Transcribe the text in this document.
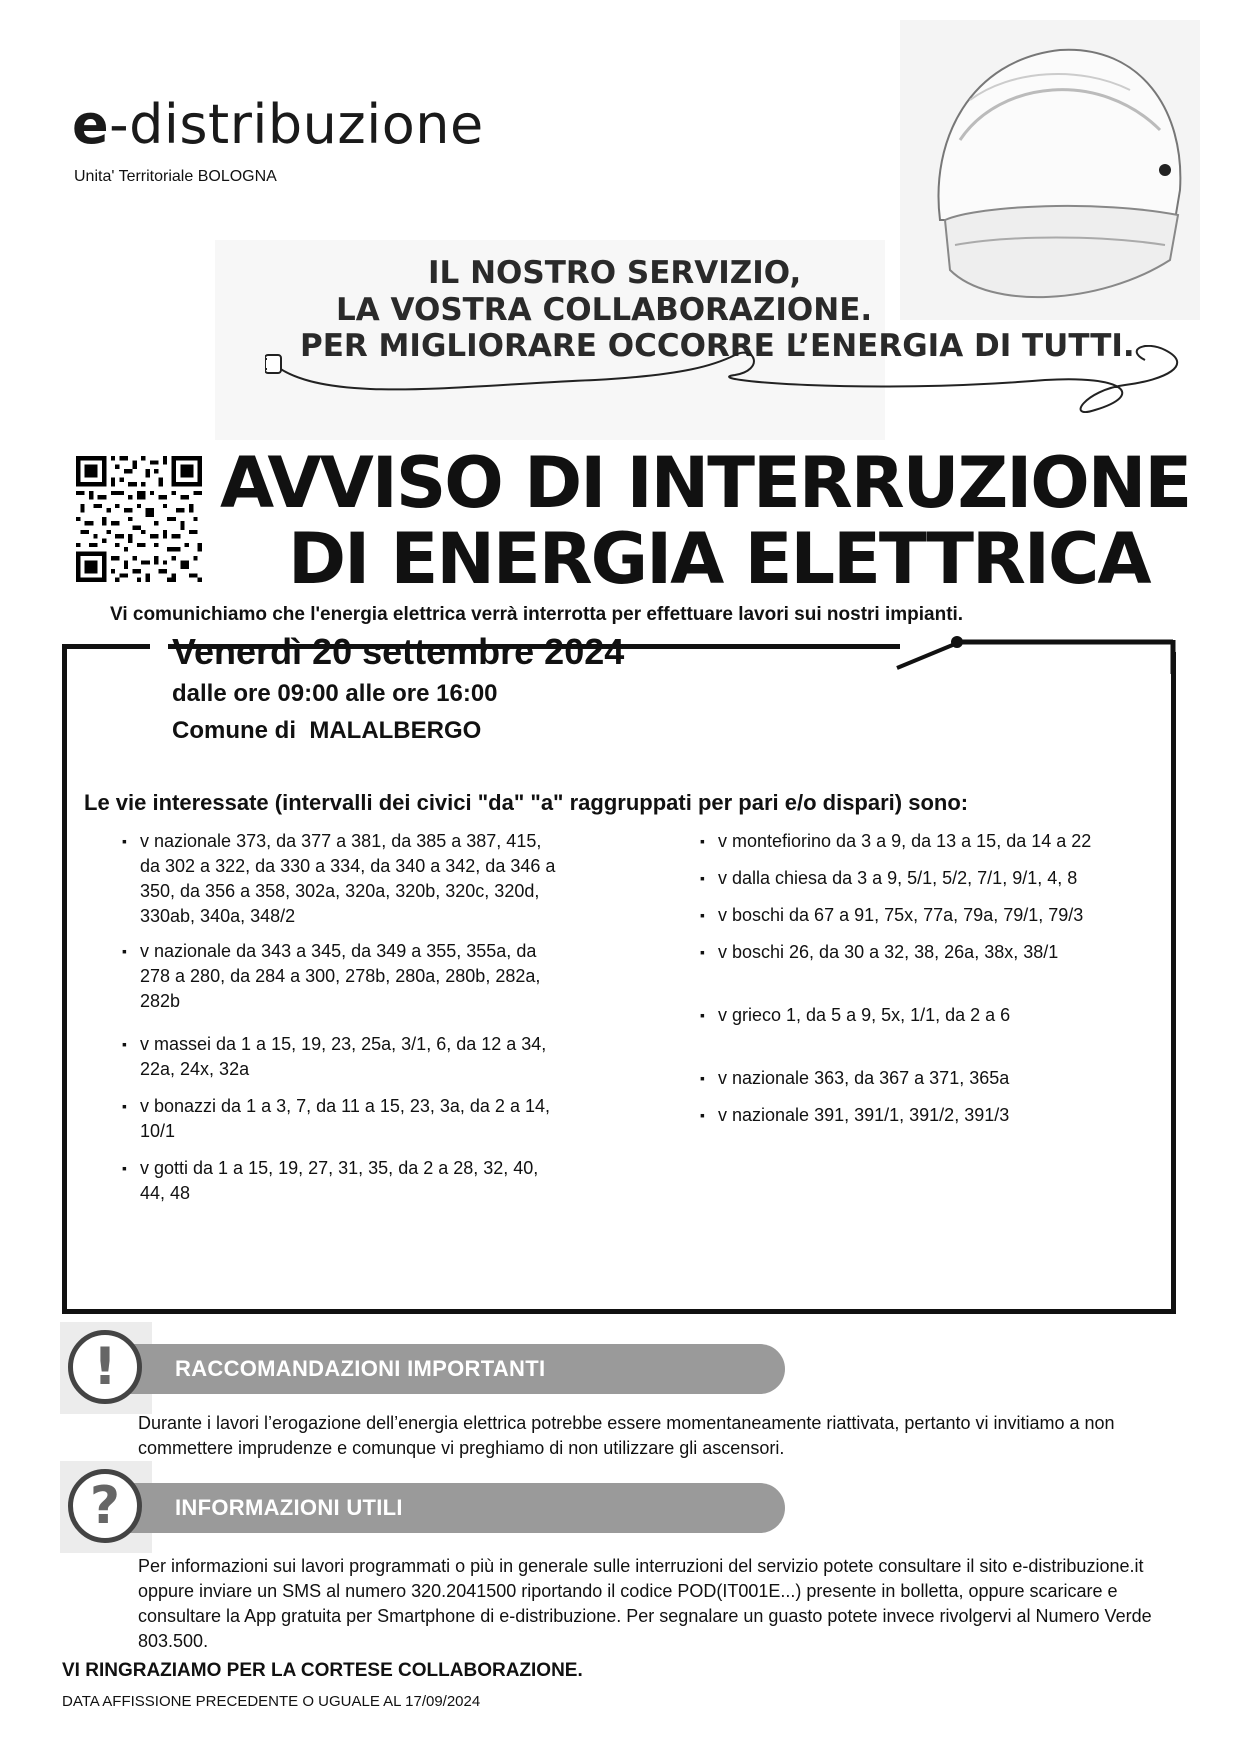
e-distribuzione
Unita' Territoriale BOLOGNA
IL NOSTRO SERVIZIO,
LA VOSTRA COLLABORAZIONE.
PER MIGLIORARE OCCORRE L’ENERGIA DI TUTTI.
AVVISO DI INTERRUZIONE
DI ENERGIA ELETTRICA
Vi comunichiamo che l'energia elettrica verrà interrotta per effettuare lavori sui nostri impianti.
Venerdì 20 settembre 2024
dalle ore 09:00 alle ore 16:00
Comune di  MALALBERGO
Le vie interessate (intervalli dei civici "da" "a" raggruppati per pari e/o dispari) sono:
▪ v nazionale 373, da 377 a 381, da 385 a 387, 415, da 302 a 322, da 330 a 334, da 340 a 342, da 346 a 350, da 356 a 358, 302a, 320a, 320b, 320c, 320d, 330ab, 340a, 348/2
▪ v nazionale da 343 a 345, da 349 a 355, 355a, da 278 a 280, da 284 a 300, 278b, 280a, 280b, 282a, 282b
▪ v massei da 1 a 15, 19, 23, 25a, 3/1, 6, da 12 a 34, 22a, 24x, 32a
▪ v bonazzi da 1 a 3, 7, da 11 a 15, 23, 3a, da 2 a 14, 10/1
▪ v gotti da 1 a 15, 19, 27, 31, 35, da 2 a 28, 32, 40, 44, 48
▪ v montefiorino da 3 a 9, da 13 a 15, da 14 a 22
▪ v dalla chiesa da 3 a 9, 5/1, 5/2, 7/1, 9/1, 4, 8
▪ v boschi da 67 a 91, 75x, 77a, 79a, 79/1, 79/3
▪ v boschi 26, da 30 a 32, 38, 26a, 38x, 38/1
▪ v grieco 1, da 5 a 9, 5x, 1/1, da 2 a 6
▪ v nazionale 363, da 367 a 371, 365a
▪ v nazionale 391, 391/1, 391/2, 391/3
RACCOMANDAZIONI IMPORTANTI
!
Durante i lavori l’erogazione dell’energia elettrica potrebbe essere momentaneamente riattivata, pertanto vi invitiamo a non commettere imprudenze e comunque vi preghiamo di non utilizzare gli ascensori.
INFORMAZIONI UTILI
?
Per informazioni sui lavori programmati o più in generale sulle interruzioni del servizio potete consultare il sito e-distribuzione.it oppure inviare un SMS al numero 320.2041500 riportando il codice POD(IT001E...) presente in bolletta, oppure scaricare e consultare la App gratuita per Smartphone di e-distribuzione. Per segnalare un guasto potete invece rivolgervi al Numero Verde 803.500.
VI RINGRAZIAMO PER LA CORTESE COLLABORAZIONE.
DATA AFFISSIONE PRECEDENTE O UGUALE AL 17/09/2024
